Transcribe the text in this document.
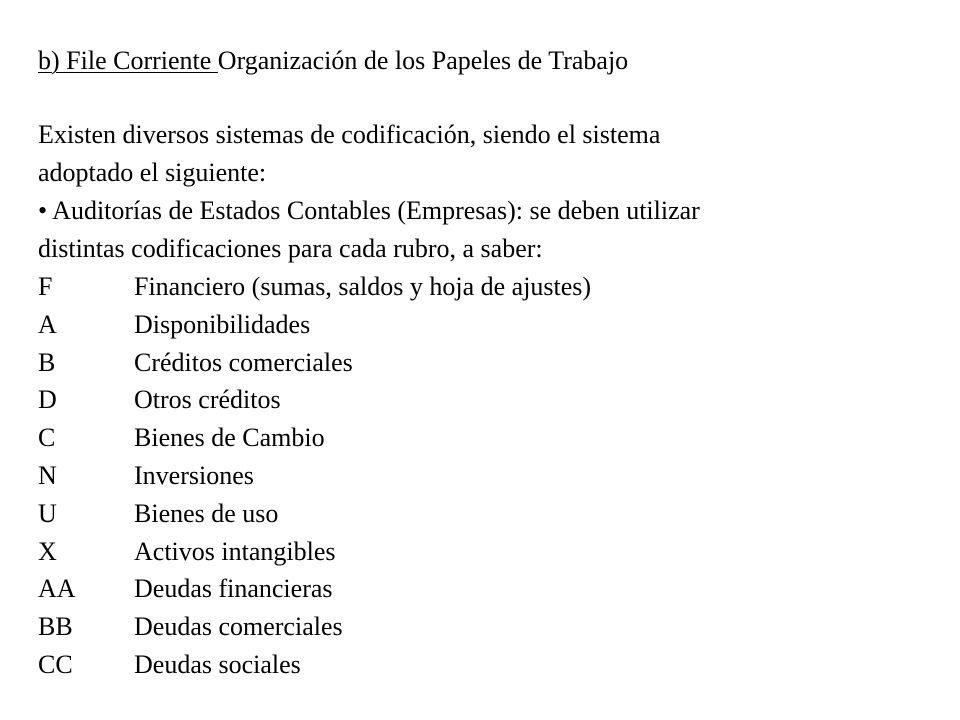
b) File Corriente Organización de los Papeles de Trabajo

Existen diversos sistemas de codificación, siendo el sistema

adoptado el siguiente:

• Auditorías de Estados Contables (Empresas): se deben utilizar

distintas codificaciones para cada rubro, a saber:

F	Financiero (sumas, saldos y hoja de ajustes)
A	Disponibilidades
B	Créditos comerciales
D	Otros créditos
C	Bienes de Cambio
N	Inversiones
U	Bienes de uso
X	Activos intangibles
AA	Deudas financieras
BB	Deudas comerciales
CC	Deudas sociales
